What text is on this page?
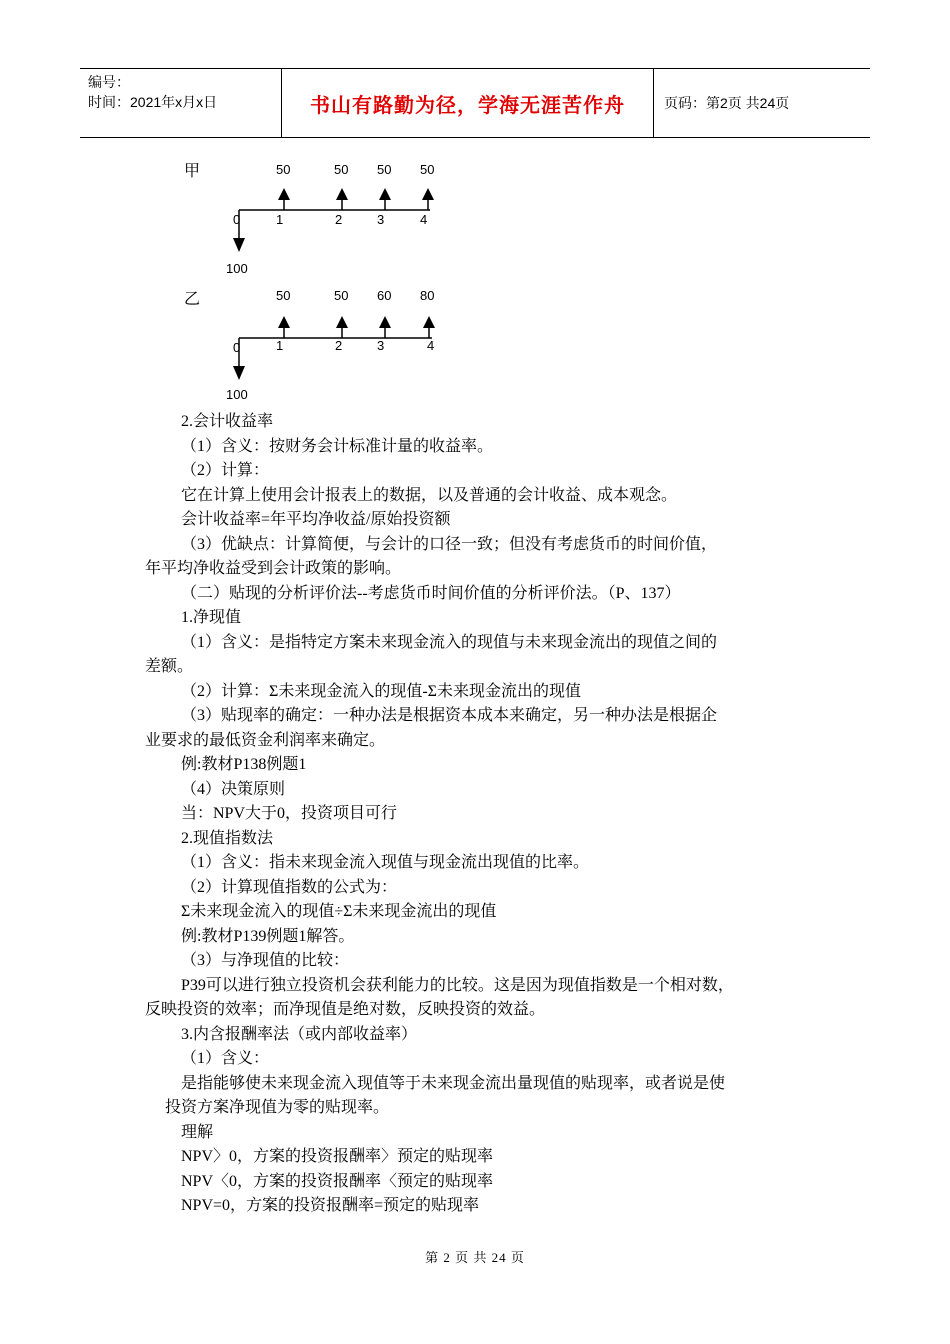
编号：
时间：2021年x月x日	书山有路勤为径，学海无涯苦作舟	页码：第2页 共24页
甲
0
100
1	2	3	4
50	50 50 50
乙
0
100
1	2	3	4
50	50 60 80
2.会计收益率
（1）含义：按财务会计标准计量的收益率。
（2）计算：
它在计算上使用会计报表上的数据，以及普通的会计收益、成本观念。
会计收益率=年平均净收益/原始投资额
（3）优缺点：计算简便，与会计的口径一致；但没有考虑货币的时间价值，
年平均净收益受到会计政策的影响。
（二）贴现的分析评价法--考虑货币时间价值的分析评价法。（P、137）
1.净现值
（1）含义：是指特定方案未来现金流入的现值与未来现金流出的现值之间的
差额。
（2）计算：Σ未来现金流入的现值-Σ未来现金流出的现值
（3）贴现率的确定：一种办法是根据资本成本来确定，另一种办法是根据企
业要求的最低资金利润率来确定。
例:教材P138例题1
（4）决策原则
当：NPV大于0，投资项目可行
2.现值指数法
（1）含义：指未来现金流入现值与现金流出现值的比率。
（2）计算现值指数的公式为：
Σ未来现金流入的现值÷Σ未来现金流出的现值
例:教材P139例题1解答。
（3）与净现值的比较：
P39可以进行独立投资机会获利能力的比较。这是因为现值指数是一个相对数，
反映投资的效率；而净现值是绝对数，反映投资的效益。
3.内含报酬率法（或内部收益率）
（1）含义：
是指能够使未来现金流入现值等于未来现金流出量现值的贴现率，或者说是使
投资方案净现值为零的贴现率。
理解
NPV〉0，方案的投资报酬率〉预定的贴现率
NPV〈0，方案的投资报酬率〈预定的贴现率
NPV=0，方案的投资报酬率=预定的贴现率
第 2 页 共 24 页
